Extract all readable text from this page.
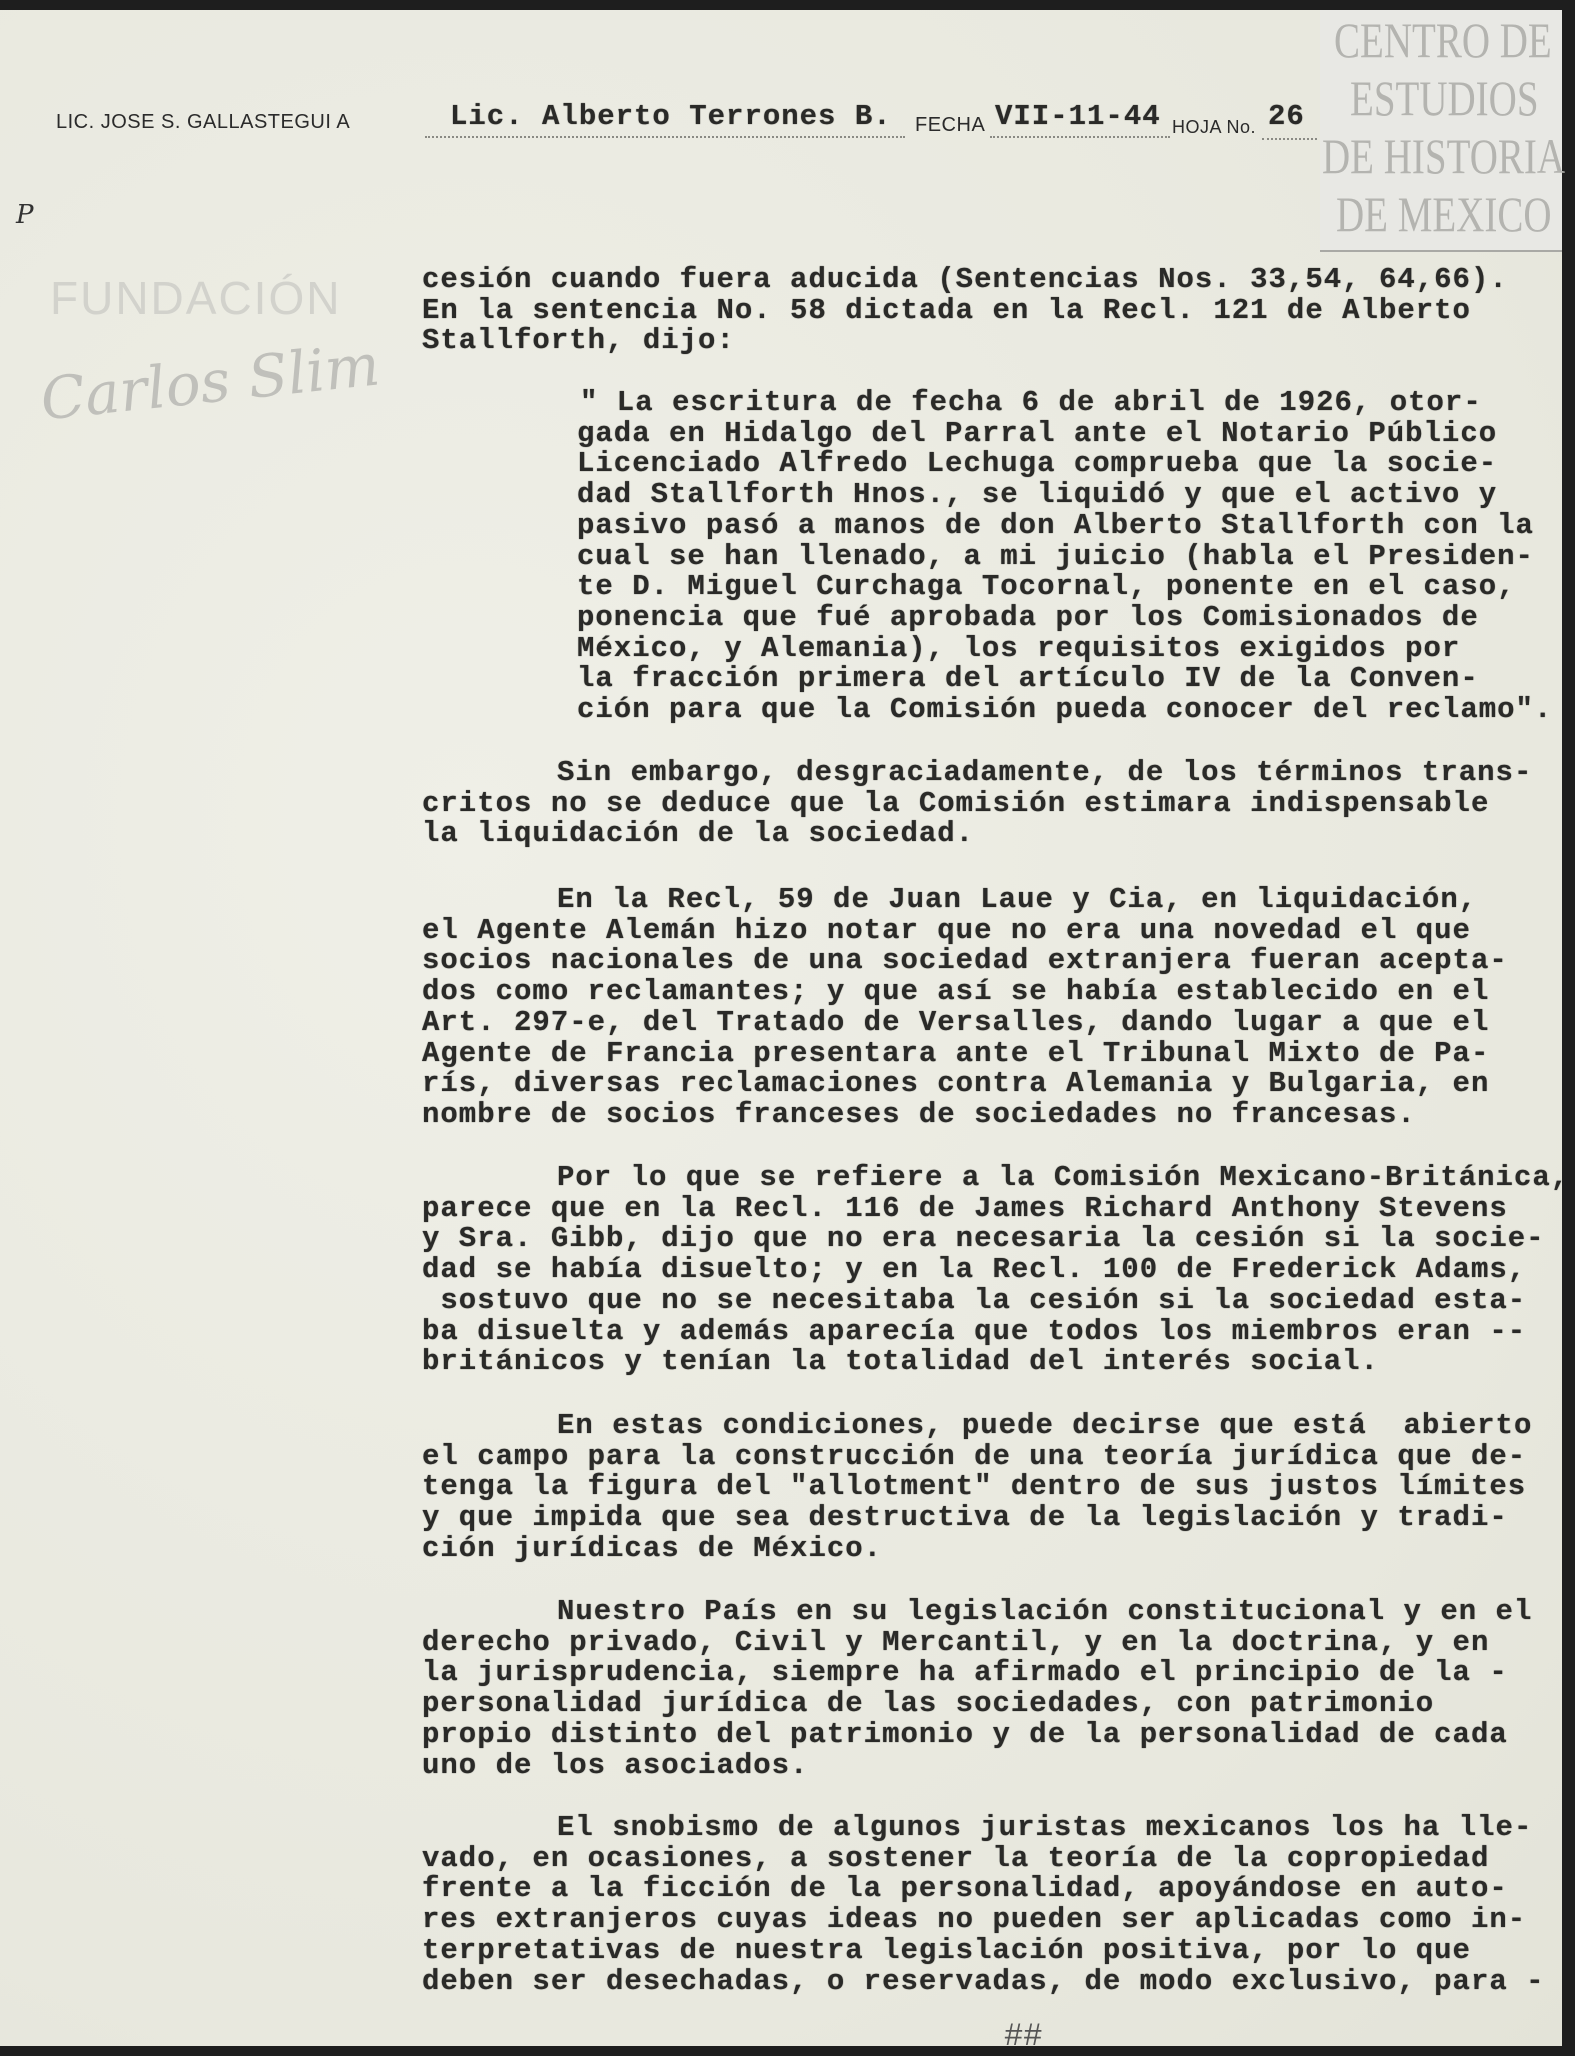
CENTRO DE
ESTUDIOS
DE HISTORIA
DE MEXICO
FUNDACIÓN
Carlos Slim
LIC. JOSE S. GALLASTEGUI A	Lic. Alberto Terrones B. FECHA VII-11-44 HOJA No. 26
P
cesión cuando fuera aducida (Sentencias Nos. 33,54, 64,66).
En la sentencia No. 58 dictada en la Recl. 121 de Alberto
Stallforth, dijo:
" La escritura de fecha 6 de abril de 1926, otor-
gada en Hidalgo del Parral ante el Notario Público
Licenciado Alfredo Lechuga comprueba que la socie-
dad Stallforth Hnos., se liquidó y que el activo y
pasivo pasó a manos de don Alberto Stallforth con la
cual se han llenado, a mi juicio (habla el Presiden-
te D. Miguel Curchaga Tocornal, ponente en el caso,
ponencia que fué aprobada por los Comisionados de
México, y Alemania), los requisitos exigidos por
la fracción primera del artículo IV de la Conven-
ción para que la Comisión pueda conocer del reclamo".
Sin embargo, desgraciadamente, de los términos trans-
critos no se deduce que la Comisión estimara indispensable
la liquidación de la sociedad.
En la Recl, 59 de Juan Laue y Cia, en liquidación,
el Agente Alemán hizo notar que no era una novedad el que
socios nacionales de una sociedad extranjera fueran acepta-
dos como reclamantes; y que así se había establecido en el
Art. 297-e, del Tratado de Versalles, dando lugar a que el
Agente de Francia presentara ante el Tribunal Mixto de Pa-
rís, diversas reclamaciones contra Alemania y Bulgaria, en
nombre de socios franceses de sociedades no francesas.
Por lo que se refiere a la Comisión Mexicano-Británica,
parece que en la Recl. 116 de James Richard Anthony Stevens
y Sra. Gibb, dijo que no era necesaria la cesión si la socie-
dad se había disuelto; y en la Recl. 100 de Frederick Adams,
sostuvo que no se necesitaba la cesión si la sociedad esta-
ba disuelta y además aparecía que todos los miembros eran --
británicos y tenían la totalidad del interés social.
En estas condiciones, puede decirse que está  abierto
el campo para la construcción de una teoría jurídica que de-
tenga la figura del "allotment" dentro de sus justos límites
y que impida que sea destructiva de la legislación y tradi-
ción jurídicas de México.
Nuestro País en su legislación constitucional y en el
derecho privado, Civil y Mercantil, y en la doctrina, y en
la jurisprudencia, siempre ha afirmado el principio de la -
personalidad jurídica de las sociedades, con patrimonio
propio distinto del patrimonio y de la personalidad de cada
uno de los asociados.
El snobismo de algunos juristas mexicanos los ha lle-
vado, en ocasiones, a sostener la teoría de la copropiedad
frente a la ficción de la personalidad, apoyándose en auto-
res extranjeros cuyas ideas no pueden ser aplicadas como in-
terpretativas de nuestra legislación positiva, por lo que
deben ser desechadas, o reservadas, de modo exclusivo, para -
##
